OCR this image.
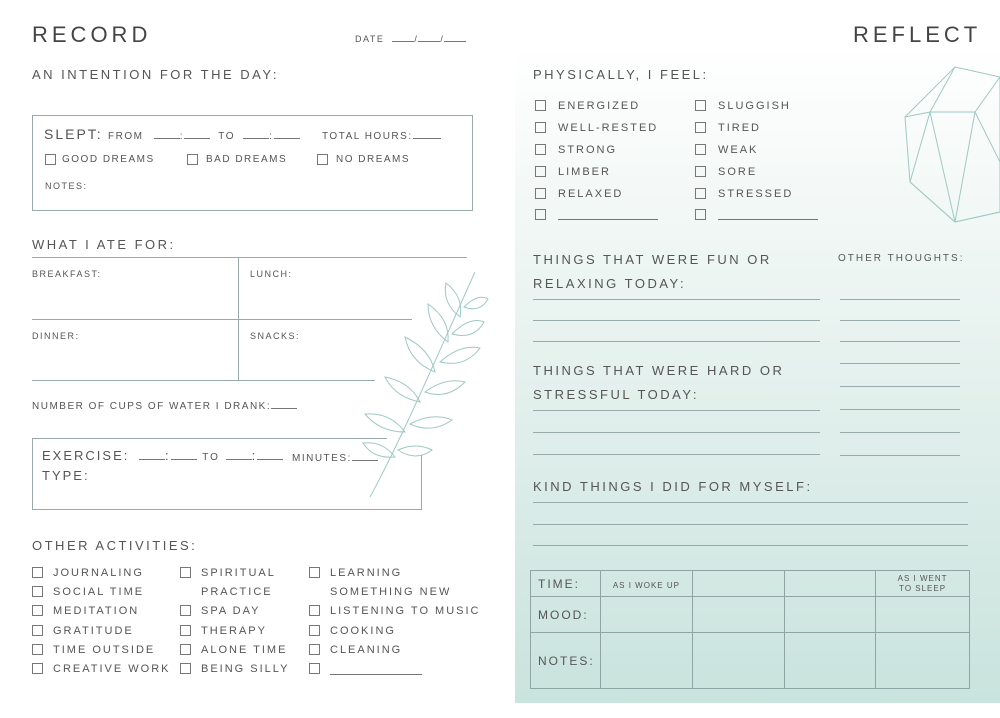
RECORD	DATE	/ /
AN INTENTION FOR THE DAY:
SLEPT: FROM	:	TO	:	TOTAL HOURS:
GOOD DREAMS	BAD DREAMS	NO DREAMS
NOTES:
WHAT I ATE FOR:
BREAKFAST:	LUNCH:
DINNER:	SNACKS:
NUMBER OF CUPS OF WATER I DRANK:
EXERCISE:	:	TO :	MINUTES:
TYPE:
OTHER ACTIVITIES:
JOURNALING
SOCIAL TIME
MEDITATION
GRATITUDE
TIME OUTSIDE
CREATIVE WORK
SPIRITUAL
PRACTICE
SPA DAY
THERAPY
ALONE TIME
BEING SILLY
LEARNING
SOMETHING NEW
LISTENING TO MUSIC
COOKING
CLEANING
REFLECT
PHYSICALLY, I FEEL:
ENERGIZED
WELL-RESTED
STRONG
LIMBER
RELAXED
SLUGGISH
TIRED
WEAK
SORE
STRESSED
THINGS THAT WERE FUN OR
RELAXING TODAY:
OTHER THOUGHTS:
THINGS THAT WERE HARD OR
STRESSFUL TODAY:
KIND THINGS I DID FOR MYSELF:
TIME:	AS I WOKE UP			AS I WENT
TO SLEEP

MOOD:				
NOTES:				
